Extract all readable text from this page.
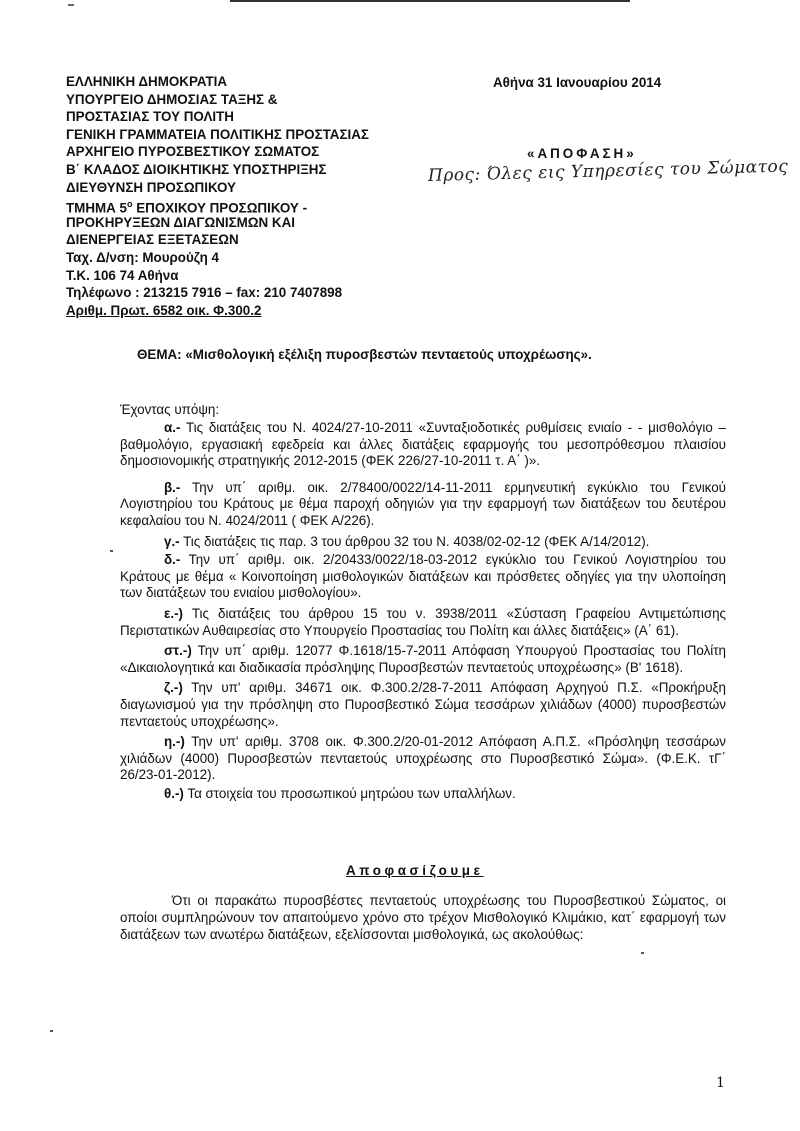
ΕΛΛΗΝΙΚΗ ΔΗΜΟΚΡΑΤΙΑ
ΥΠΟΥΡΓΕΙΟ ΔΗΜΟΣΙΑΣ ΤΑΞΗΣ &
ΠΡΟΣΤΑΣΙΑΣ ΤΟΥ ΠΟΛΙΤΗ
ΓΕΝΙΚΗ ΓΡΑΜΜΑΤΕΙΑ ΠΟΛΙΤΙΚΗΣ ΠΡΟΣΤΑΣΙΑΣ
ΑΡΧΗΓΕΙΟ ΠΥΡΟΣΒΕΣΤΙΚΟΥ ΣΩΜΑΤΟΣ
Β΄ ΚΛΑΔΟΣ ΔΙΟΙΚΗΤΙΚΗΣ ΥΠΟΣΤΗΡΙΞΗΣ
ΔΙΕΥΘΥΝΣΗ ΠΡΟΣΩΠΙΚΟΥ
ΤΜΗΜΑ $5^o$ ΕΠΟΧΙΚΟΥ ΠΡΟΣΩΠΙΚΟΥ -
ΠΡΟΚΗΡΥΞΕΩΝ ΔΙΑΓΩΝΙΣΜΩΝ ΚΑΙ
ΔΙΕΝΕΡΓΕΙΑΣ ΕΞΕΤΑΣΕΩΝ
Ταχ. Δ/νση: Μουρούζη 4
Τ.Κ. 106 74 Αθήνα
Τηλέφωνο : 213215 7916 – fax: 210 7407898
Αριθμ. Πρωτ. 6582 οικ. Φ.300.2
Αθήνα 31 Ιανουαρίου 2014
«ΑΠΟΦΑΣΗ»
Προς: Όλες εις Υπηρεσίες του Σώματος
ΘΕΜΑ: «Μισθολογική εξέλιξη πυροσβεστών πενταετούς υποχρέωσης».
Έχοντας υπόψη:

α.- Τις διατάξεις του Ν. 4024/27-10-2011 «Συνταξιοδοτικές ρυθμίσεις ενιαίο - - μισθολόγιο – βαθμολόγιο, εργασιακή εφεδρεία και άλλες διατάξεις εφαρμογής του μεσοπρόθεσμου πλαισίου δημοσιονομικής στρατηγικής 2012-2015 (ΦΕΚ 226/27-10-2011 τ. Α΄ )».

β.- Την υπ΄ αριθμ. οικ. 2/78400/0022/14-11-2011 ερμηνευτική εγκύκλιο του Γενικού Λογιστηρίου του Κράτους με θέμα παροχή οδηγιών για την εφαρμογή των διατάξεων του δευτέρου κεφαλαίου του Ν. 4024/2011 ( ΦΕΚ Α/226).

γ.- Τις διατάξεις τις παρ. 3 του άρθρου 32 του Ν. 4038/02-02-12 (ΦΕΚ Α/14/2012).

δ.- Την υπ΄ αριθμ. οικ. 2/20433/0022/18-03-2012 εγκύκλιο του Γενικού Λογιστηρίου του Κράτους με θέμα « Κοινοποίηση μισθολογικών διατάξεων και πρόσθετες οδηγίες για την υλοποίηση των διατάξεων του ενιαίου μισθολογίου».

ε.-) Τις διατάξεις του άρθρου 15 του ν. 3938/2011 «Σύσταση Γραφείου Αντιμετώπισης Περιστατικών Αυθαιρεσίας στο Υπουργείο Προστασίας του Πολίτη και άλλες διατάξεις» (Α΄ 61).

στ.-) Την υπ΄ αριθμ. 12077 Φ.1618/15-7-2011 Απόφαση Υπουργού Προστασίας του Πολίτη «Δικαιολογητικά και διαδικασία πρόσληψης Πυροσβεστών πενταετούς υποχρέωσης» (Β' 1618).

ζ.-) Την υπ' αριθμ. 34671 οικ. Φ.300.2/28-7-2011 Απόφαση Αρχηγού Π.Σ. «Προκήρυξη διαγωνισμού για την πρόσληψη στο Πυροσβεστικό Σώμα τεσσάρων χιλιάδων (4000) πυροσβεστών πενταετούς υποχρέωσης».

η.-) Την υπ' αριθμ. 3708 οικ. Φ.300.2/20-01-2012 Απόφαση Α.Π.Σ. «Πρόσληψη τεσσάρων χιλιάδων (4000) Πυροσβεστών πενταετούς υποχρέωσης στο Πυροσβεστικό Σώμα». (Φ.Ε.Κ. τΓ΄ 26/23-01-2012).

θ.-) Τα στοιχεία του προσωπικού μητρώου των υπαλλήλων.

Αποφασίζουμε

Ότι οι παρακάτω πυροσβέστες πενταετούς υποχρέωσης του Πυροσβεστικού Σώματος, οι οποίοι συμπληρώνουν τον απαιτούμενο χρόνο στο τρέχον Μισθολογικό Κλιμάκιο, κατ΄ εφαρμογή των διατάξεων των ανωτέρω διατάξεων, εξελίσσονται μισθολογικά, ως ακολούθως:

1
